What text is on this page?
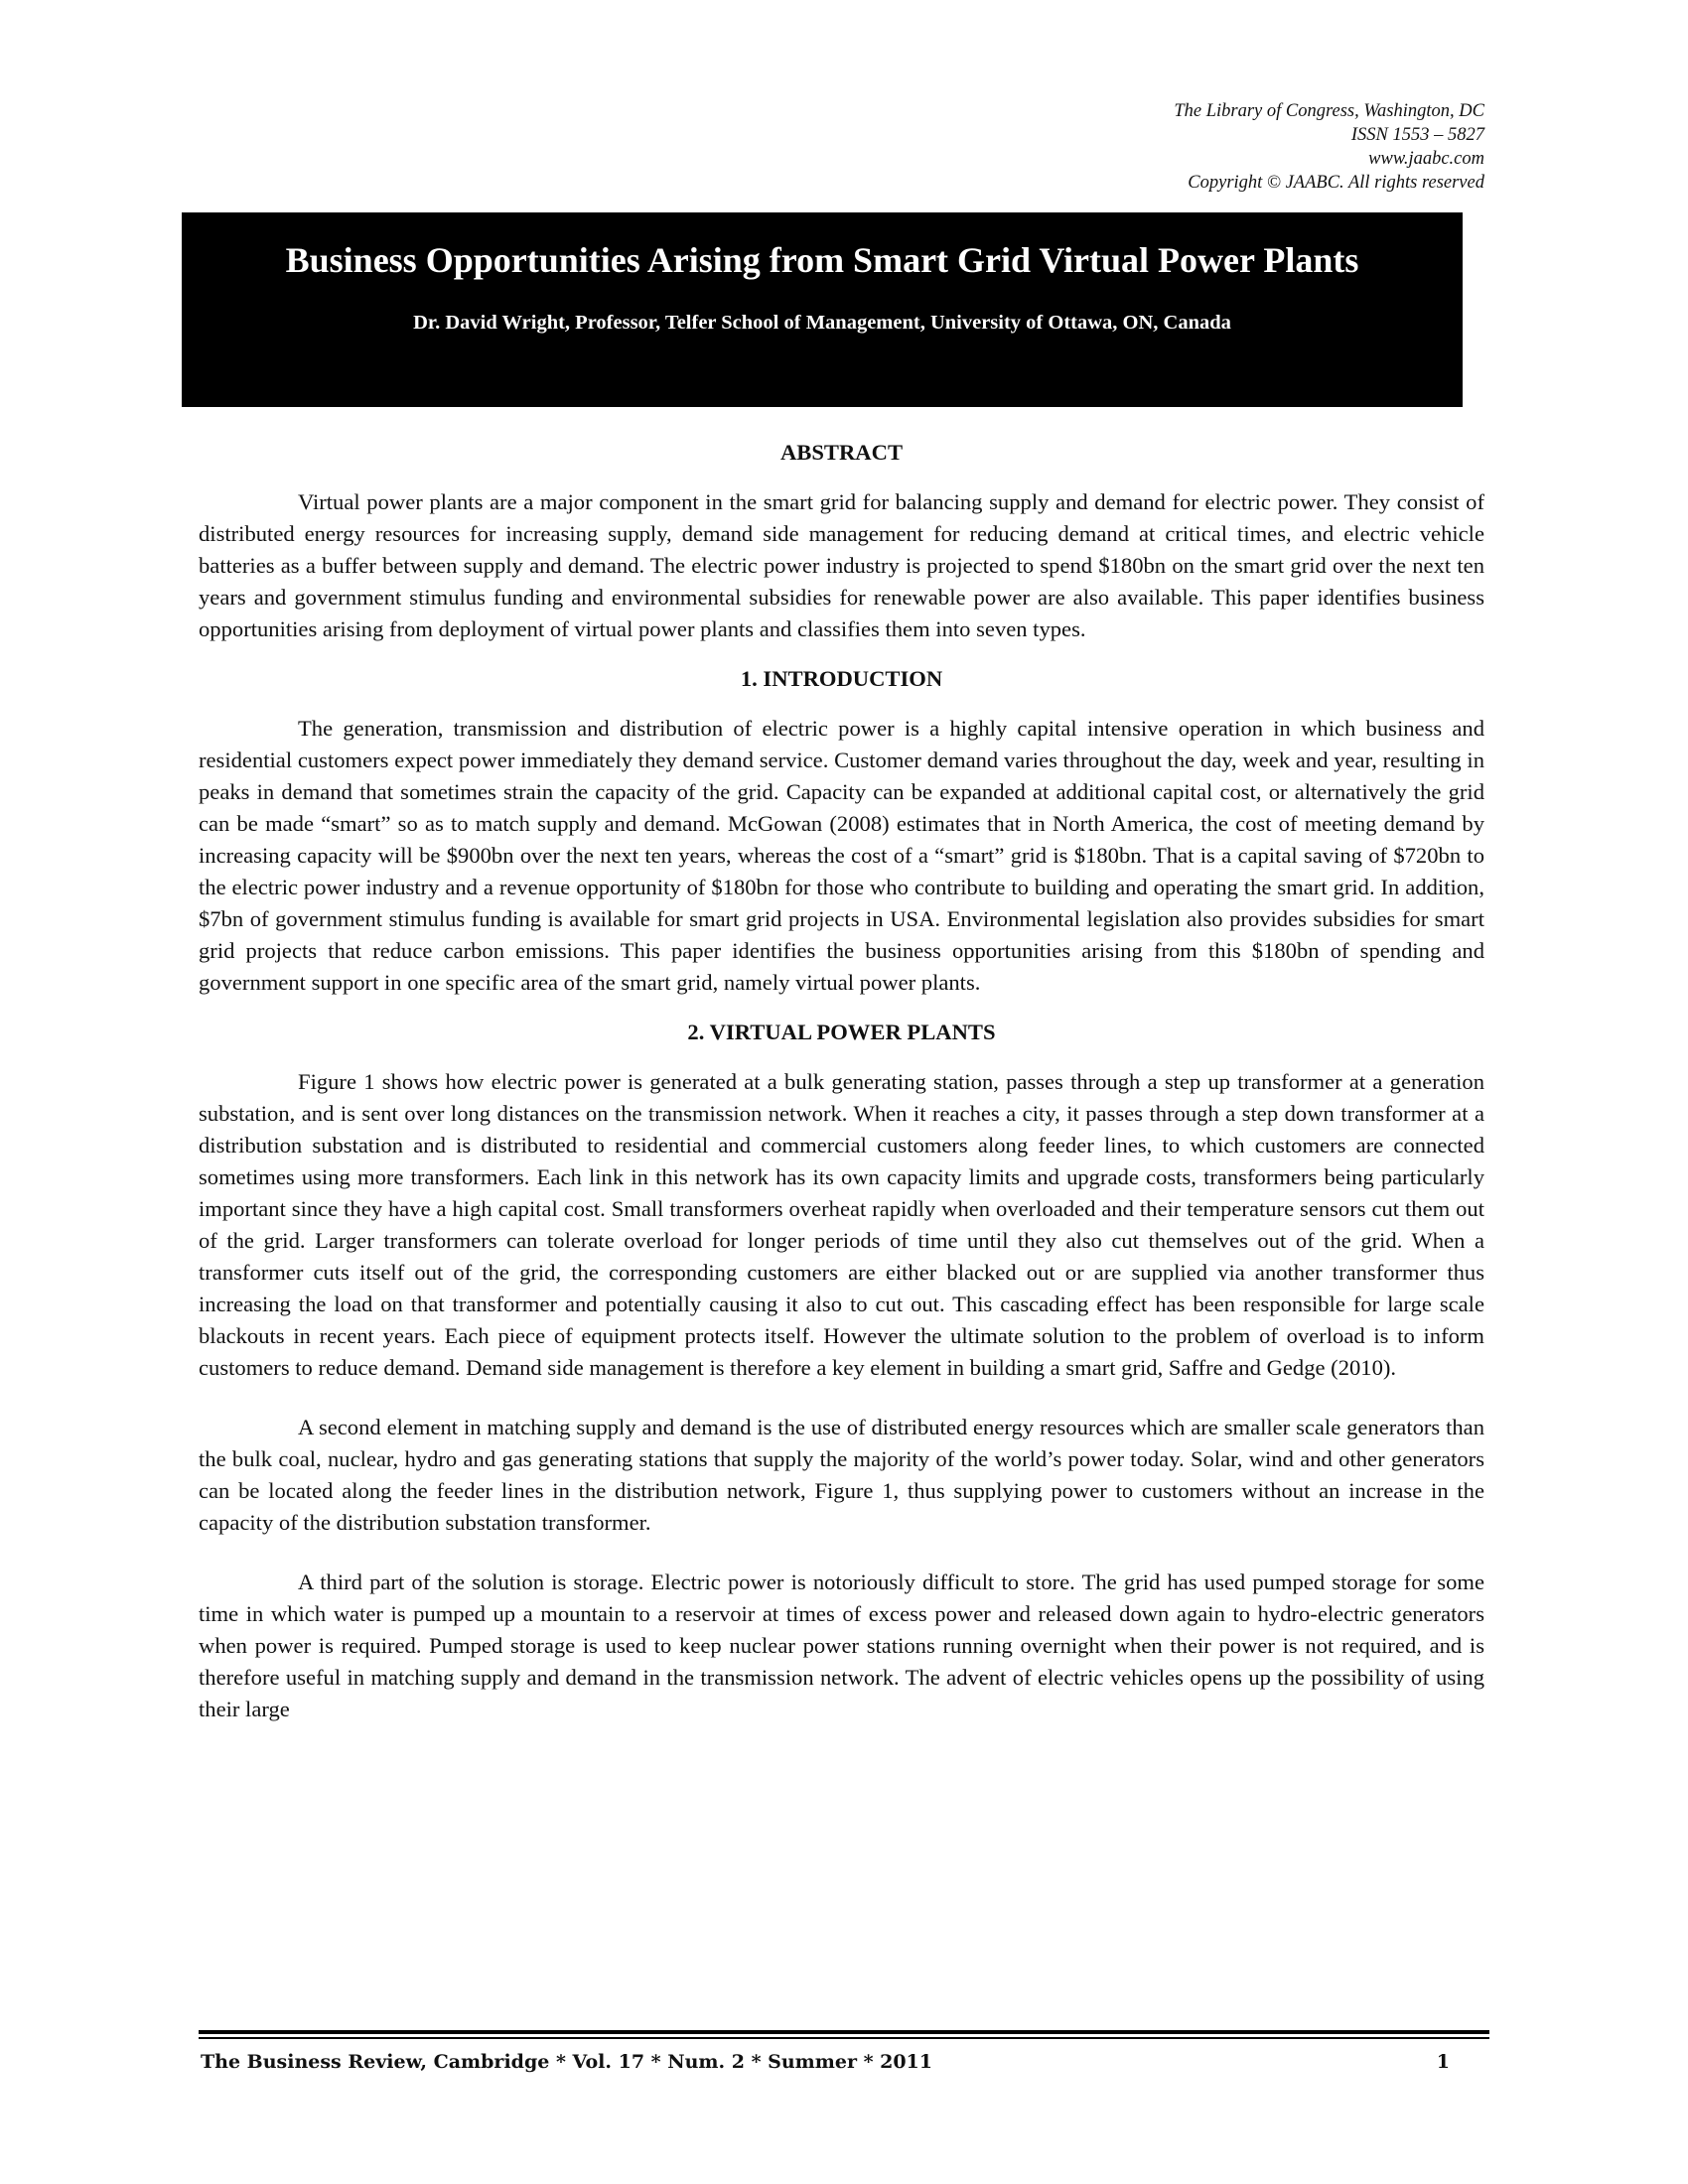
The Library of Congress, Washington, DC
ISSN 1553 – 5827
www.jaabc.com
Copyright © JAABC. All rights reserved
Business Opportunities Arising from Smart Grid Virtual Power Plants
Dr. David Wright, Professor, Telfer School of Management, University of Ottawa, ON, Canada
ABSTRACT

Virtual power plants are a major component in the smart grid for balancing supply and demand for electric power. They consist of distributed energy resources for increasing supply, demand side management for reducing demand at critical times, and electric vehicle batteries as a buffer between supply and demand. The electric power industry is projected to spend $180bn on the smart grid over the next ten years and government stimulus funding and environmental subsidies for renewable power are also available. This paper identifies business opportunities arising from deployment of virtual power plants and classifies them into seven types.

1. INTRODUCTION

The generation, transmission and distribution of electric power is a highly capital intensive operation in which business and residential customers expect power immediately they demand service. Customer demand varies throughout the day, week and year, resulting in peaks in demand that sometimes strain the capacity of the grid. Capacity can be expanded at additional capital cost, or alternatively the grid can be made “smart” so as to match supply and demand. McGowan (2008) estimates that in North America, the cost of meeting demand by increasing capacity will be $900bn over the next ten years, whereas the cost of a “smart” grid is $180bn. That is a capital saving of $720bn to the electric power industry and a revenue opportunity of $180bn for those who contribute to building and operating the smart grid. In addition, $7bn of government stimulus funding is available for smart grid projects in USA. Environmental legislation also provides subsidies for smart grid projects that reduce carbon emissions. This paper identifies the business opportunities arising from this $180bn of spending and government support in one specific area of the smart grid, namely virtual power plants.

2. VIRTUAL POWER PLANTS

Figure 1 shows how electric power is generated at a bulk generating station, passes through a step up transformer at a generation substation, and is sent over long distances on the transmission network. When it reaches a city, it passes through a step down transformer at a distribution substation and is distributed to residential and commercial customers along feeder lines, to which customers are connected sometimes using more transformers. Each link in this network has its own capacity limits and upgrade costs, transformers being particularly important since they have a high capital cost. Small transformers overheat rapidly when overloaded and their temperature sensors cut them out of the grid. Larger transformers can tolerate overload for longer periods of time until they also cut themselves out of the grid. When a transformer cuts itself out of the grid, the corresponding customers are either blacked out or are supplied via another transformer thus increasing the load on that transformer and potentially causing it also to cut out. This cascading effect has been responsible for large scale blackouts in recent years. Each piece of equipment protects itself. However the ultimate solution to the problem of overload is to inform customers to reduce demand. Demand side management is therefore a key element in building a smart grid, Saffre and Gedge (2010).

A second element in matching supply and demand is the use of distributed energy resources which are smaller scale generators than the bulk coal, nuclear, hydro and gas generating stations that supply the majority of the world’s power today. Solar, wind and other generators can be located along the feeder lines in the distribution network, Figure 1, thus supplying power to customers without an increase in the capacity of the distribution substation transformer.

A third part of the solution is storage. Electric power is notoriously difficult to store. The grid has used pumped storage for some time in which water is pumped up a mountain to a reservoir at times of excess power and released down again to hydro-electric generators when power is required. Pumped storage is used to keep nuclear power stations running overnight when their power is not required, and is therefore useful in matching supply and demand in the transmission network. The advent of electric vehicles opens up the possibility of using their large

The Business Review, Cambridge * Vol. 17 * Num. 2 * Summer * 2011	1
